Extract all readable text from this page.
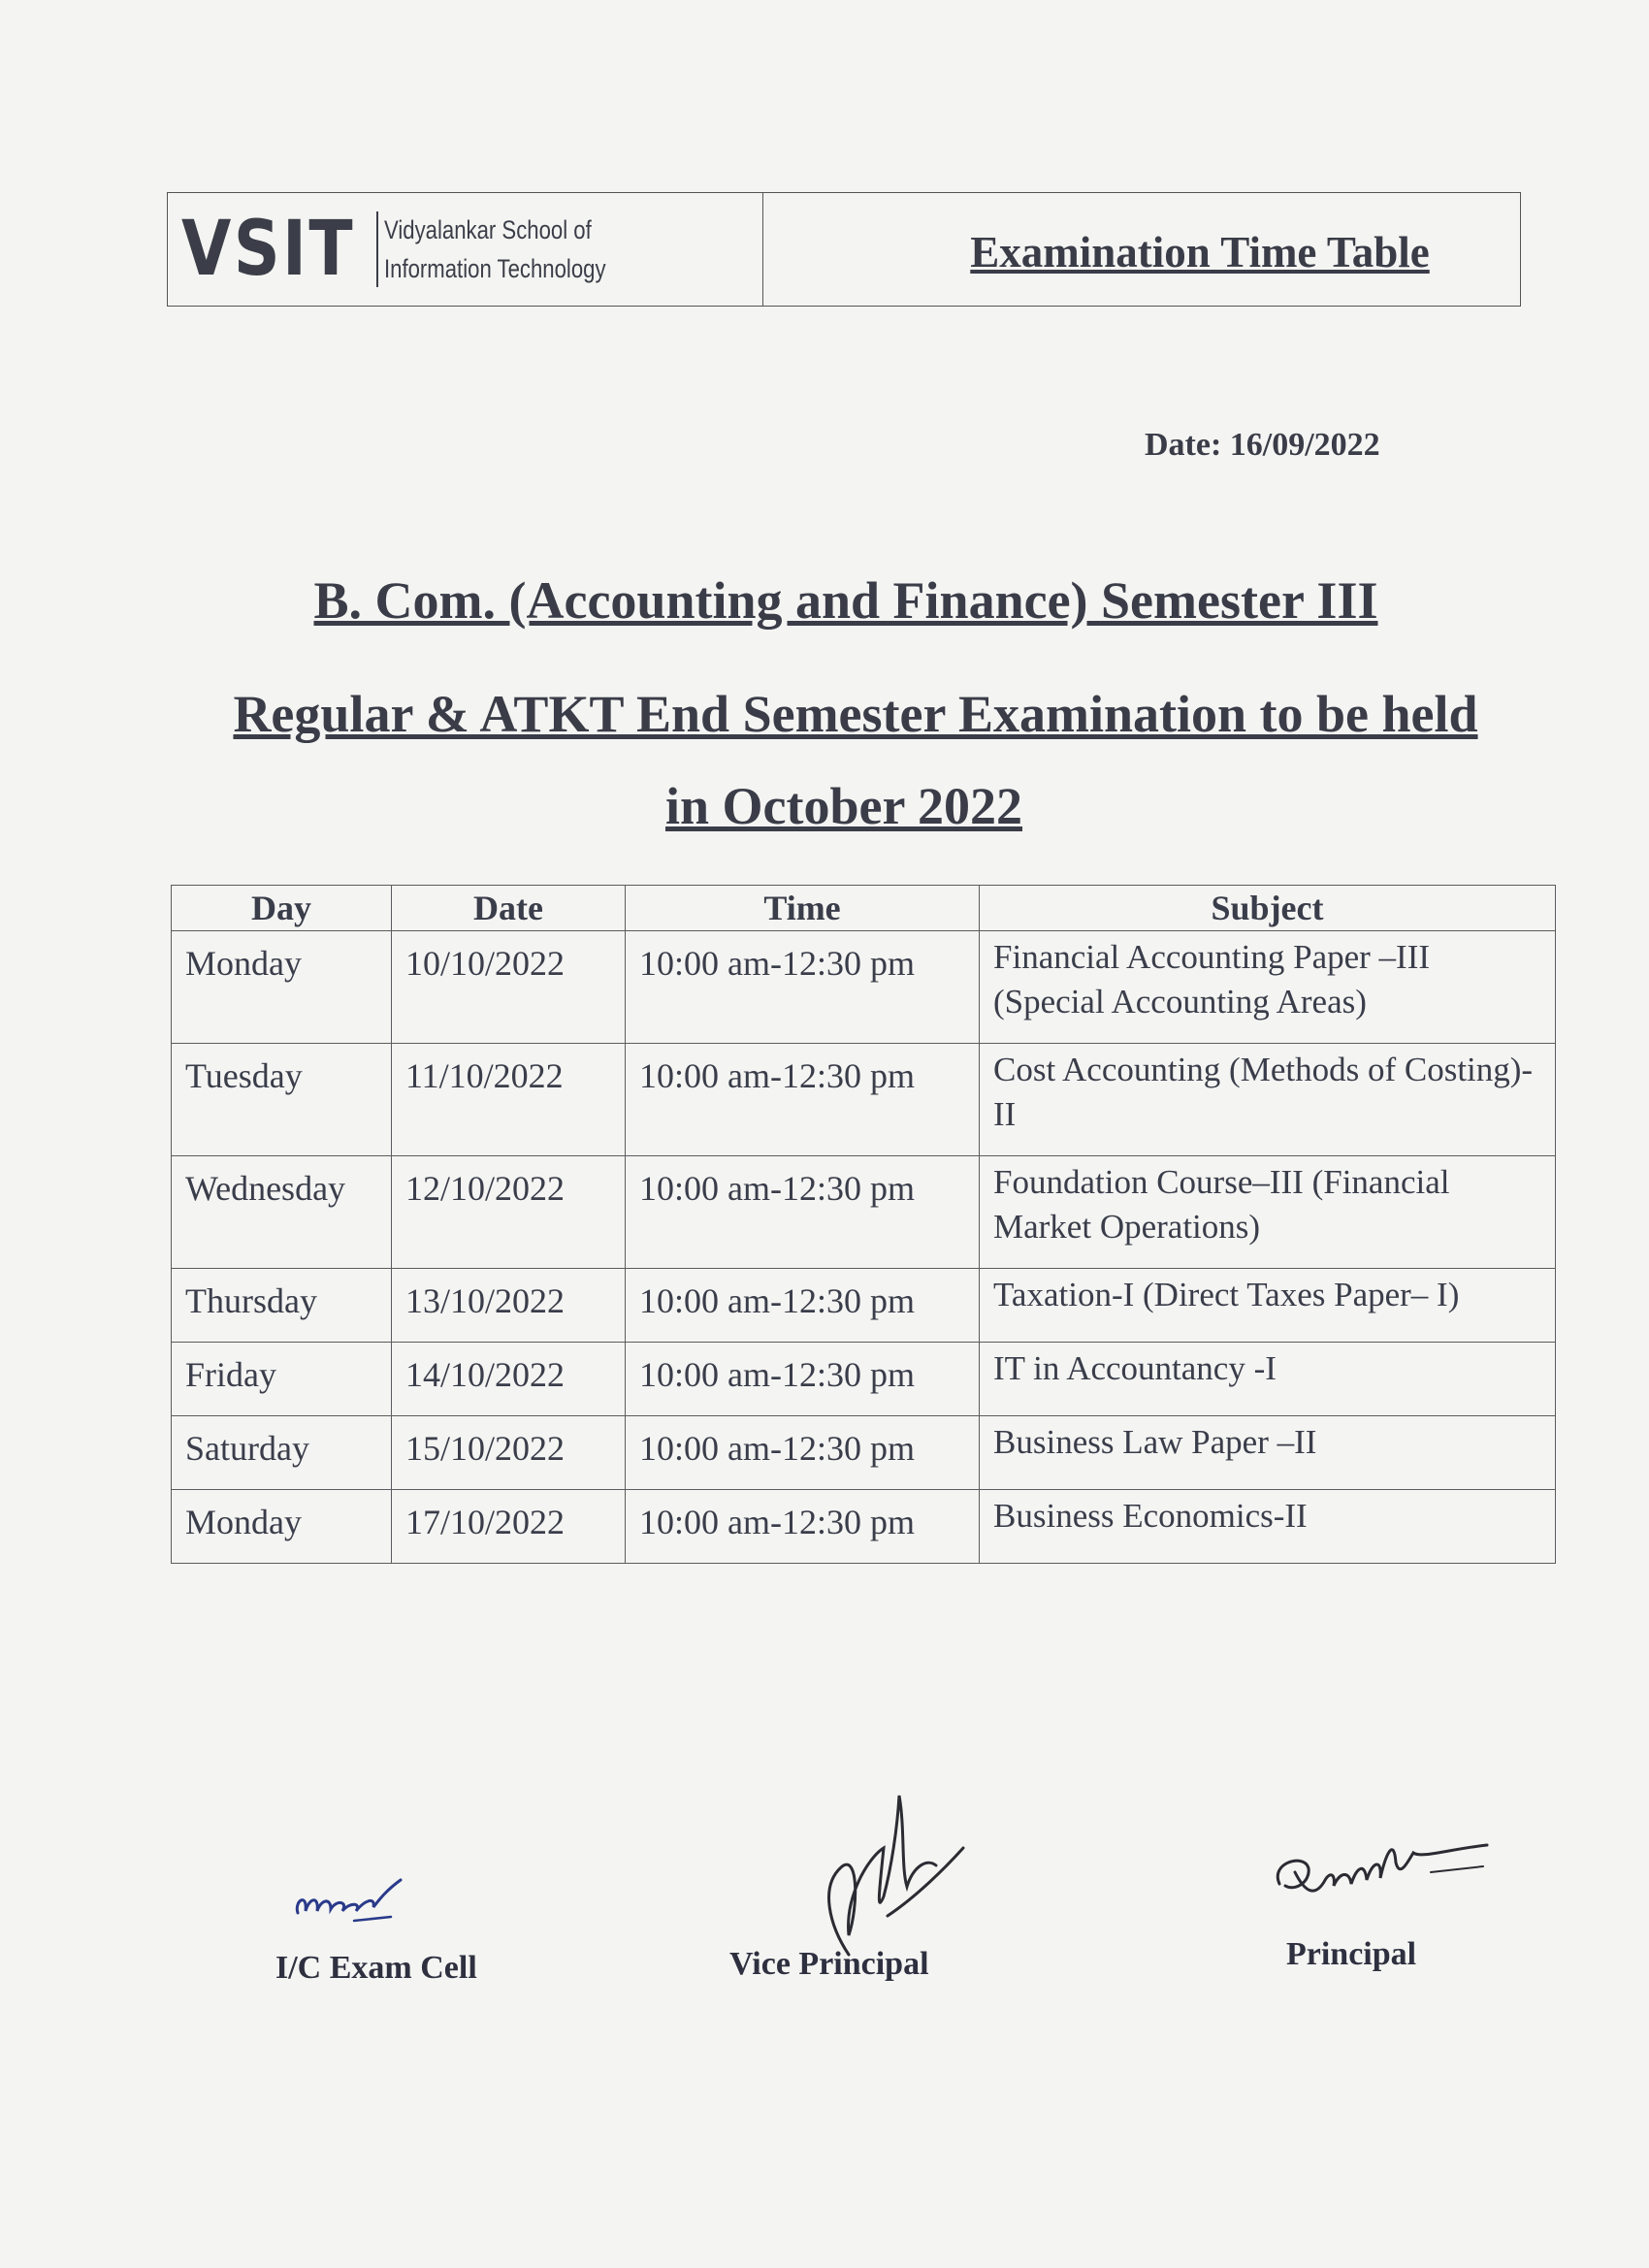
VSIT Vidyalankar School of
Information Technology	Examination Time Table
Date: 16/09/2022
B. Com. (Accounting and Finance) Semester III
Regular & ATKT End Semester Examination to be held
in October 2022
Day	Date	Time	Subject
Monday	10/10/2022	10:00 am-12:30 pm	Financial Accounting Paper –III (Special Accounting Areas)
Tuesday	11/10/2022	10:00 am-12:30 pm	Cost Accounting (Methods of Costing)-II
Wednesday	12/10/2022	10:00 am-12:30 pm	Foundation Course–III (Financial Market Operations)
Thursday	13/10/2022	10:00 am-12:30 pm	Taxation-I (Direct Taxes Paper– I)
Friday	14/10/2022	10:00 am-12:30 pm	IT in Accountancy -I
Saturday	15/10/2022	10:00 am-12:30 pm	Business Law Paper –II
Monday	17/10/2022	10:00 am-12:30 pm	Business Economics-II
I/C Exam Cell	Vice Principal	Principal
